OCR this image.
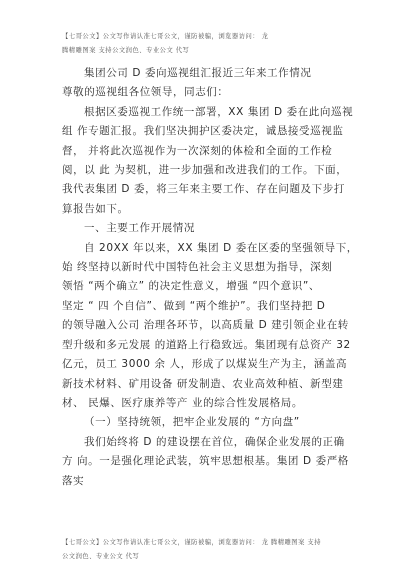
【七哥公文】公文写作请认准七哥公文，谨防被骗，浏览器访问： 龙
腾精雕图案 支持公文润色、专业公文 代写

集团公司 D 委向巡视组汇报近三年来工作情况

尊敬的巡视组各位领导，同志们：

根据区委巡视工作统一部署，XX 集团 D 委在此向巡视

组 作专题汇报。我们坚决拥护区委决定，诚恳接受巡视监

督， 并将此次巡视作为一次深刻的体检和全面的工作检

阅，以 此 为契机，进一步加强和改进我们的工作。下面，

我代表集团 D 委，将三年来主要工作、存在问题及下步打

算报告如下。

一、主要工作开展情况

自 20XX 年以来，XX 集团 D 委在区委的坚强领导下，

始 终坚持以新时代中国特色社会主义思想为指导，深刻

领悟 “两个确立” 的决定性意义，增强 “四个意识”、

坚定 “ 四 个自信”、做到 “两个维护”。我们坚持把 D

的领导融入公司 治理各环节，以高质量 D 建引领企业在转

型升级和多元发展 的道路上行稳致远。集团现有总资产 32

亿元，员工 3000 余 人，形成了以煤炭生产为主，涵盖高

新技术材料、矿用设备 研发制造、农业高效种植、新型建

材、 民爆、医疗康养等产 业的综合性发展格局。

（一）坚持统领，把牢企业发展的 “方向盘”

我们始终将 D 的建设摆在首位，确保企业发展的正确

方 向。一是强化理论武装，筑牢思想根基。集团 D 委严格

落实

【七哥公文】公文写作请认准七哥公文，谨防被骗，浏览器访问： 龙 腾精雕图案 支持
公文润色、专业公文 代写
